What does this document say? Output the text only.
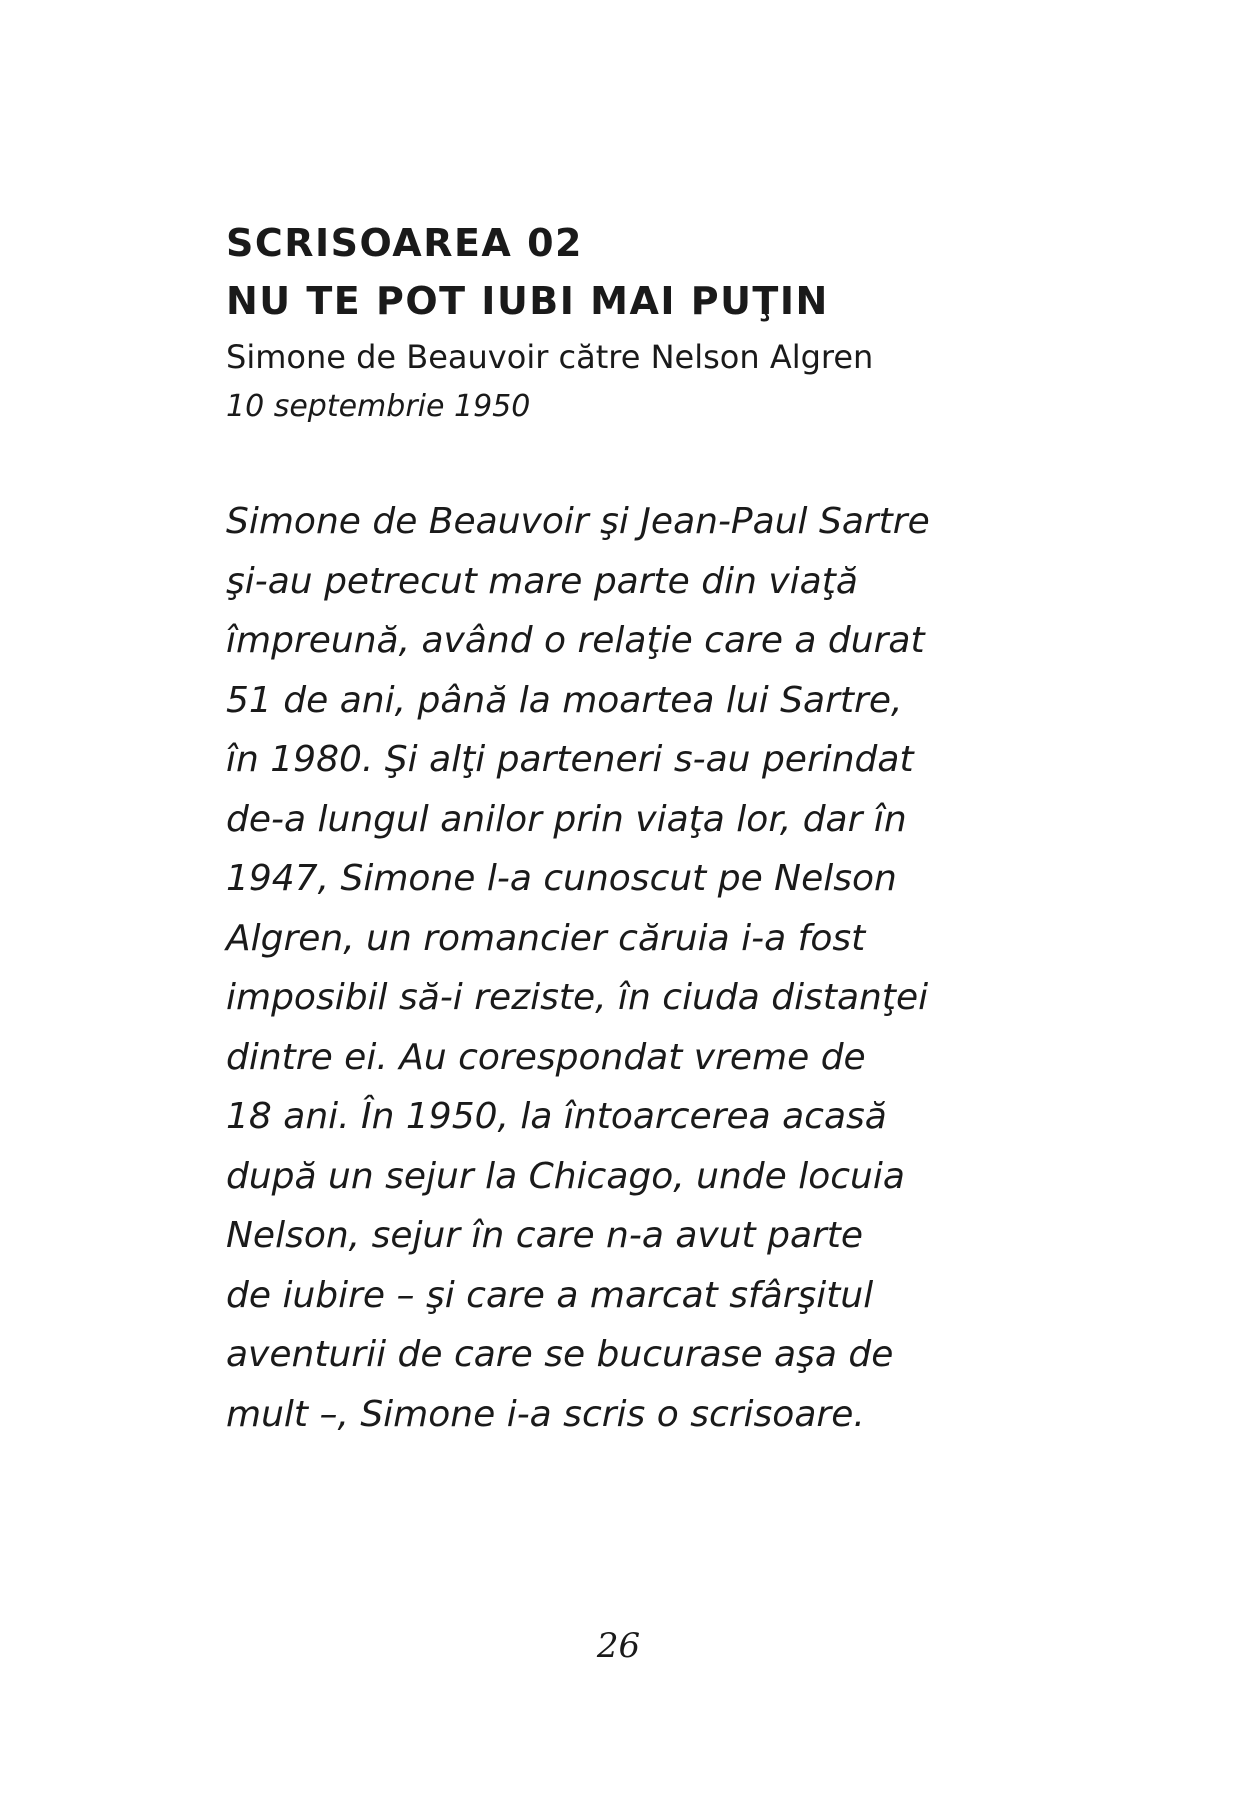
SCRISOAREA 02
NU TE POT IUBI MAI PUŢIN
Simone de Beauvoir către Nelson Algren
10 septembrie 1950
Simone de Beauvoir şi Jean-Paul Sartre
şi-au petrecut mare parte din viaţă
împreună, având o relaţie care a durat
51 de ani, până la moartea lui Sartre,
în 1980. Şi alţi parteneri s-au perindat
de-a lungul anilor prin viaţa lor, dar în
1947, Simone l-a cunoscut pe Nelson
Algren, un romancier căruia i-a fost
imposibil să-i reziste, în ciuda distanţei
dintre ei. Au corespondat vreme de
18 ani. În 1950, la întoarcerea acasă
după un sejur la Chicago, unde locuia
Nelson, sejur în care n-a avut parte
de iubire – şi care a marcat sfârşitul
aventurii de care se bucurase aşa de
mult –, Simone i-a scris o scrisoare.
26
